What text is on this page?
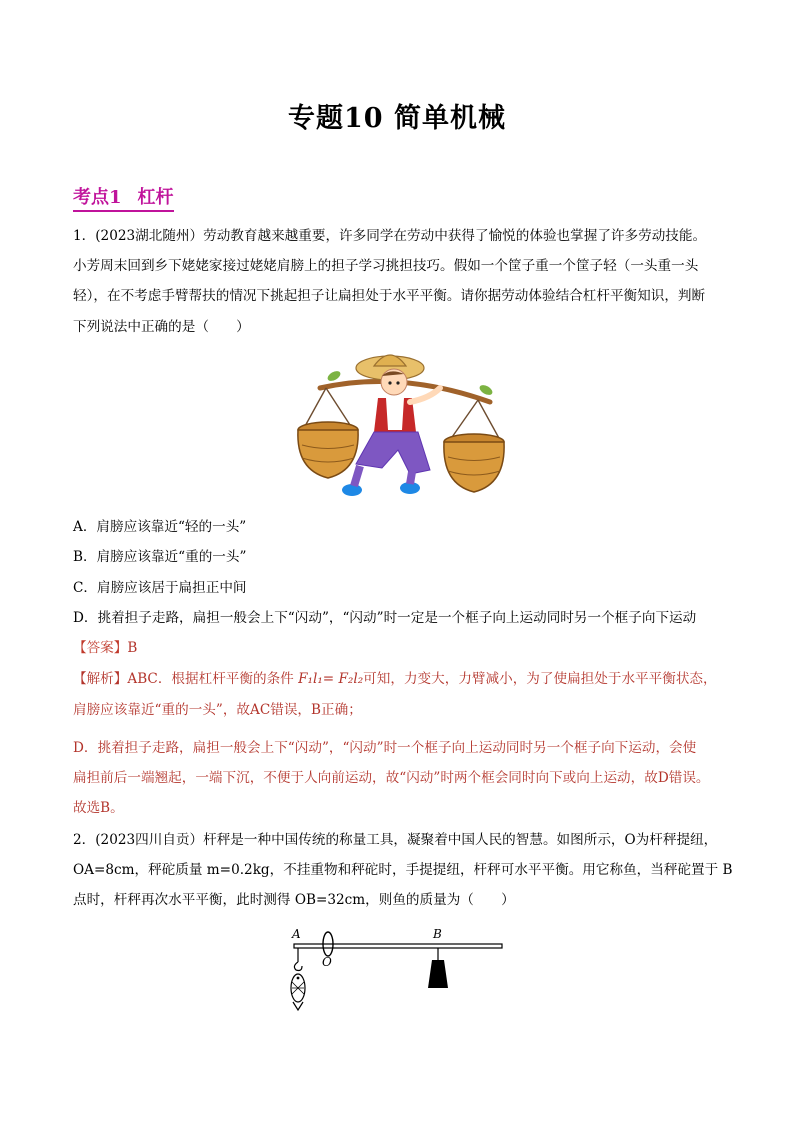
专题10 简单机械
考点1 杠杆
1．(2023湖北随州）劳动教育越来越重要，许多同学在劳动中获得了愉悦的体验也掌握了许多劳动技能。
小芳周末回到乡下姥姥家接过姥姥肩膀上的担子学习挑担技巧。假如一个筐子重一个筐子轻（一头重一头
轻），在不考虑手臂帮扶的情况下挑起担子让扁担处于水平平衡。请你据劳动体验结合杠杆平衡知识，判断
下列说法中正确的是（　　）
A．肩膀应该靠近“轻的一头”
B．肩膀应该靠近“重的一头”
C．肩膀应该居于扁担正中间
D．挑着担子走路，扁担一般会上下“闪动”，“闪动”时一定是一个框子向上运动同时另一个框子向下运动
【答案】B
【解析】ABC．根据杠杆平衡的条件 F₁l₁= F₂l₂可知，力变大，力臂减小，为了使扁担处于水平平衡状态，
肩膀应该靠近“重的一头”，故AC错误，B正确；
D．挑着担子走路，扁担一般会上下“闪动”，“闪动”时一个框子向上运动同时另一个框子向下运动，会使
扁担前后一端翘起，一端下沉，不便于人向前运动，故“闪动”时两个框会同时向下或向上运动，故D错误。
故选B。
2．(2023四川自贡）杆秤是一种中国传统的称量工具，凝聚着中国人民的智慧。如图所示，O为杆秤提纽，
OA=8cm，秤砣质量 m=0.2kg，不挂重物和秤砣时，手提提纽，杆秤可水平平衡。用它称鱼，当秤砣置于 B
点时，杆秤再次水平平衡，此时测得 OB=32cm，则鱼的质量为（　　）
A
O
B
